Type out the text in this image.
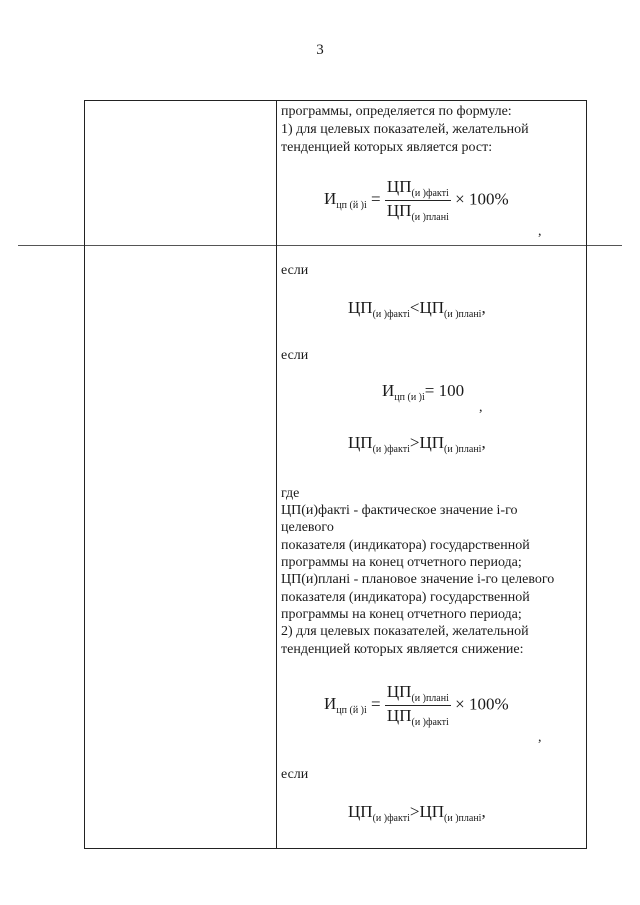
3
программы, определяется по формуле:
1) для целевых показателей, желательной
тенденцией которых является рост:
$И_{цп (й )i} = \frac{ЦП_{(и )факті}}{ЦП_{(и )плані}} \times 100\%$
,
если
$ЦП_{(и )факті}<ЦП_{(и )плані}$,
если
$И_{цп (и )i}= 100$
,
$ЦП_{(и )факті}>ЦП_{(и )плані}$,
где
ЦП(и)факті - фактическое значение і-го
целевого
показателя (индикатора) государственной
программы на конец отчетного периода;
ЦП(и)плані - плановое значение і-го целевого
показателя (индикатора) государственной
программы на конец отчетного периода;
2) для целевых показателей, желательной
тенденцией которых является снижение:
$И_{цп (й )i} = \frac{ЦП_{(и )плані}}{ЦП_{(и )факті}} \times 100\%$
,
если
$ЦП_{(и )факті}>ЦП_{(и )плані}$,
